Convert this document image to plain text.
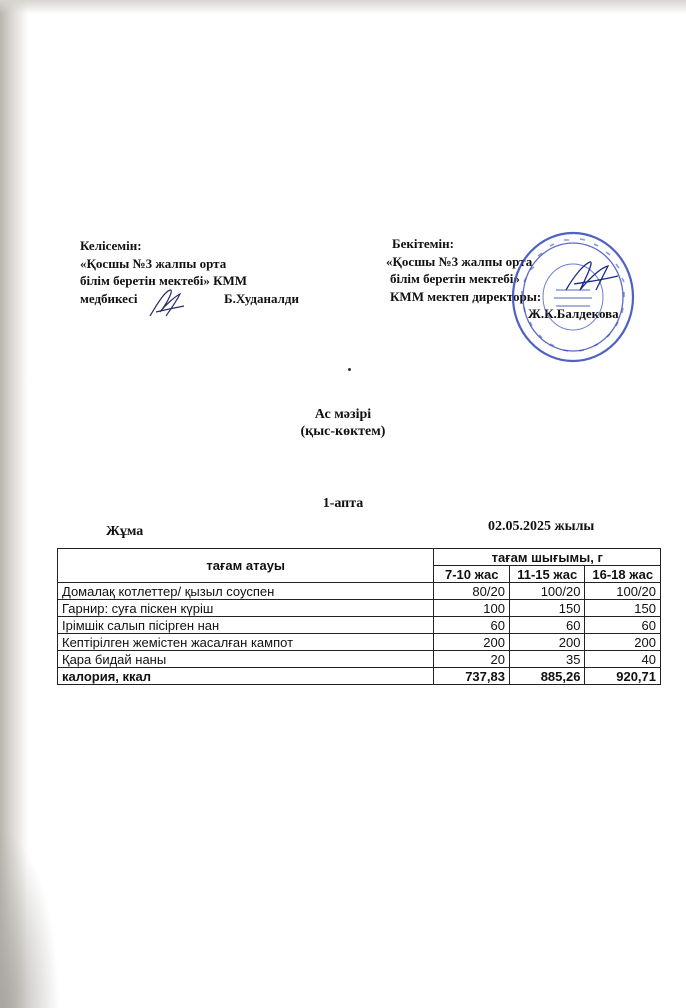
Келісемін:
«Қосшы №3 жалпы орта
білім беретін мектебі» КММ
медбикесі	Б.Худаналди
Бекітемін:
«Қосшы №3 жалпы орта
білім беретін мектебі»
КММ мектеп директоры:
Ж.К.Балдекова
Ас мәзірі
(қыс-көктем)
1-апта
Жұма	02.05.2025 жылы
тағам атауы	тағам шығымы, г		
	7-10 жас	11-15 жас	16-18 жас
Домалақ котлеттер/ қызыл соуспен	80/20	100/20	100/20
Гарнир: суға піскен күріш	100	150	150
Ірімшік салып пісірген нан	60	60	60
Кептірілген жемістен жасалған кампот	200	200	200
Қара бидай наны	20	35	40
калория, ккал	737,83	885,26	920,71
